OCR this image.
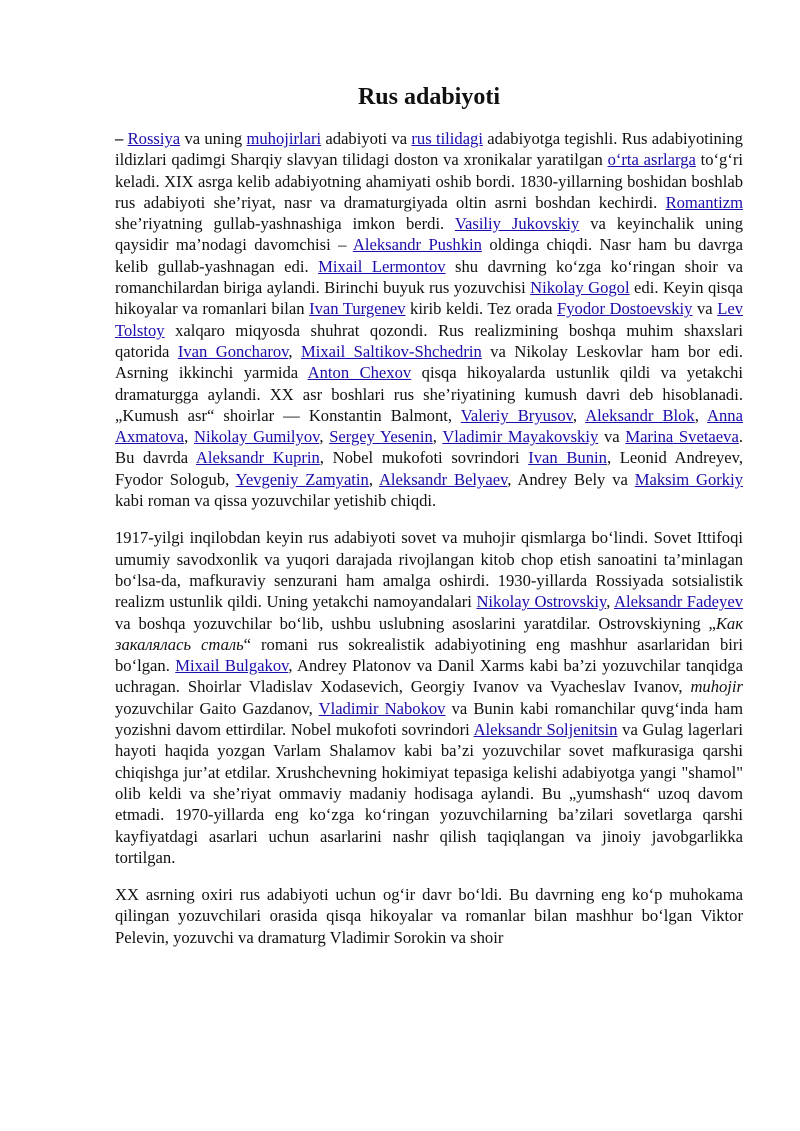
Rus adabiyoti

– Rossiya va uning muhojirlari adabiyoti va rus tilidagi adabiyotga tegishli. Rus adabiyotining ildizlari qadimgi Sharqiy slavyan tilidagi doston va xronikalar yaratilgan o‘rta asrlarga to‘g‘ri keladi. XIX asrga kelib adabiyotning ahamiyati oshib bordi. 1830-yillarning boshidan boshlab rus adabiyoti she’riyat, nasr va dramaturgiyada oltin asrni boshdan kechirdi. Romantizm she’riyatning gullab-yashnashiga imkon berdi. Vasiliy Jukovskiy va keyinchalik uning qaysidir ma’nodagi davomchisi – Aleksandr Pushkin oldinga chiqdi. Nasr ham bu davrga kelib gullab-yashnagan edi. Mixail Lermontov shu davrning ko‘zga ko‘ringan shoir va romanchilardan biriga aylandi. Birinchi buyuk rus yozuvchisi Nikolay Gogol edi. Keyin qisqa hikoyalar va romanlari bilan Ivan Turgenev kirib keldi. Tez orada Fyodor Dostoevskiy va Lev Tolstoy xalqaro miqyosda shuhrat qozondi. Rus realizmining boshqa muhim shaxslari qatorida Ivan Goncharov, Mixail Saltikov-Shchedrin va Nikolay Leskovlar ham bor edi. Asrning ikkinchi yarmida Anton Chexov qisqa hikoyalarda ustunlik qildi va yetakchi dramaturgga aylandi. XX asr boshlari rus she’riyatining kumush davri deb hisoblanadi. „Kumush asr“ shoirlar — Konstantin Balmont, Valeriy Bryusov, Aleksandr Blok, Anna Axmatova, Nikolay Gumilyov, Sergey Yesenin, Vladimir Mayakovskiy va Marina Svetaeva. Bu davrda Aleksandr Kuprin, Nobel mukofoti sovrindori Ivan Bunin, Leonid Andreyev, Fyodor Sologub, Yevgeniy Zamyatin, Aleksandr Belyaev, Andrey Bely va Maksim Gorkiy kabi roman va qissa yozuvchilar yetishib chiqdi.

1917-yilgi inqilobdan keyin rus adabiyoti sovet va muhojir qismlarga bo‘lindi. Sovet Ittifoqi umumiy savodxonlik va yuqori darajada rivojlangan kitob chop etish sanoatini ta’minlagan bo‘lsa-da, mafkuraviy senzurani ham amalga oshirdi. 1930-yillarda Rossiyada sotsialistik realizm ustunlik qildi. Uning yetakchi namoyandalari Nikolay Ostrovskiy, Aleksandr Fadeyev va boshqa yozuvchilar bo‘lib, ushbu uslubning asoslarini yaratdilar. Ostrovskiyning „Как закалялась сталь“ romani rus sokrealistik adabiyotining eng mashhur asarlaridan biri bo‘lgan. Mixail Bulgakov, Andrey Platonov va Danil Xarms kabi ba’zi yozuvchilar tanqidga uchragan. Shoirlar Vladislav Xodasevich, Georgiy Ivanov va Vyacheslav Ivanov, muhojir yozuvchilar Gaito Gazdanov, Vladimir Nabokov va Bunin kabi romanchilar quvg‘inda ham yozishni davom ettirdilar. Nobel mukofoti sovrindori Aleksandr Soljenitsin va Gulag lagerlari hayoti haqida yozgan Varlam Shalamov kabi ba’zi yozuvchilar sovet mafkurasiga qarshi chiqishga jur’at etdilar. Xrushchevning hokimiyat tepasiga kelishi adabiyotga yangi "shamol" olib keldi va she’riyat ommaviy madaniy hodisaga aylandi. Bu „yumshash“ uzoq davom etmadi. 1970-yillarda eng ko‘zga ko‘ringan yozuvchilarning ba’zilari sovetlarga qarshi kayfiyatdagi asarlari uchun asarlarini nashr qilish taqiqlangan va jinoiy javobgarlikka tortilgan.

XX asrning oxiri rus adabiyoti uchun og‘ir davr bo‘ldi. Bu davrning eng ko‘p muhokama qilingan yozuvchilari orasida qisqa hikoyalar va romanlar bilan mashhur bo‘lgan Viktor Pelevin, yozuvchi va dramaturg Vladimir Sorokin va shoir
